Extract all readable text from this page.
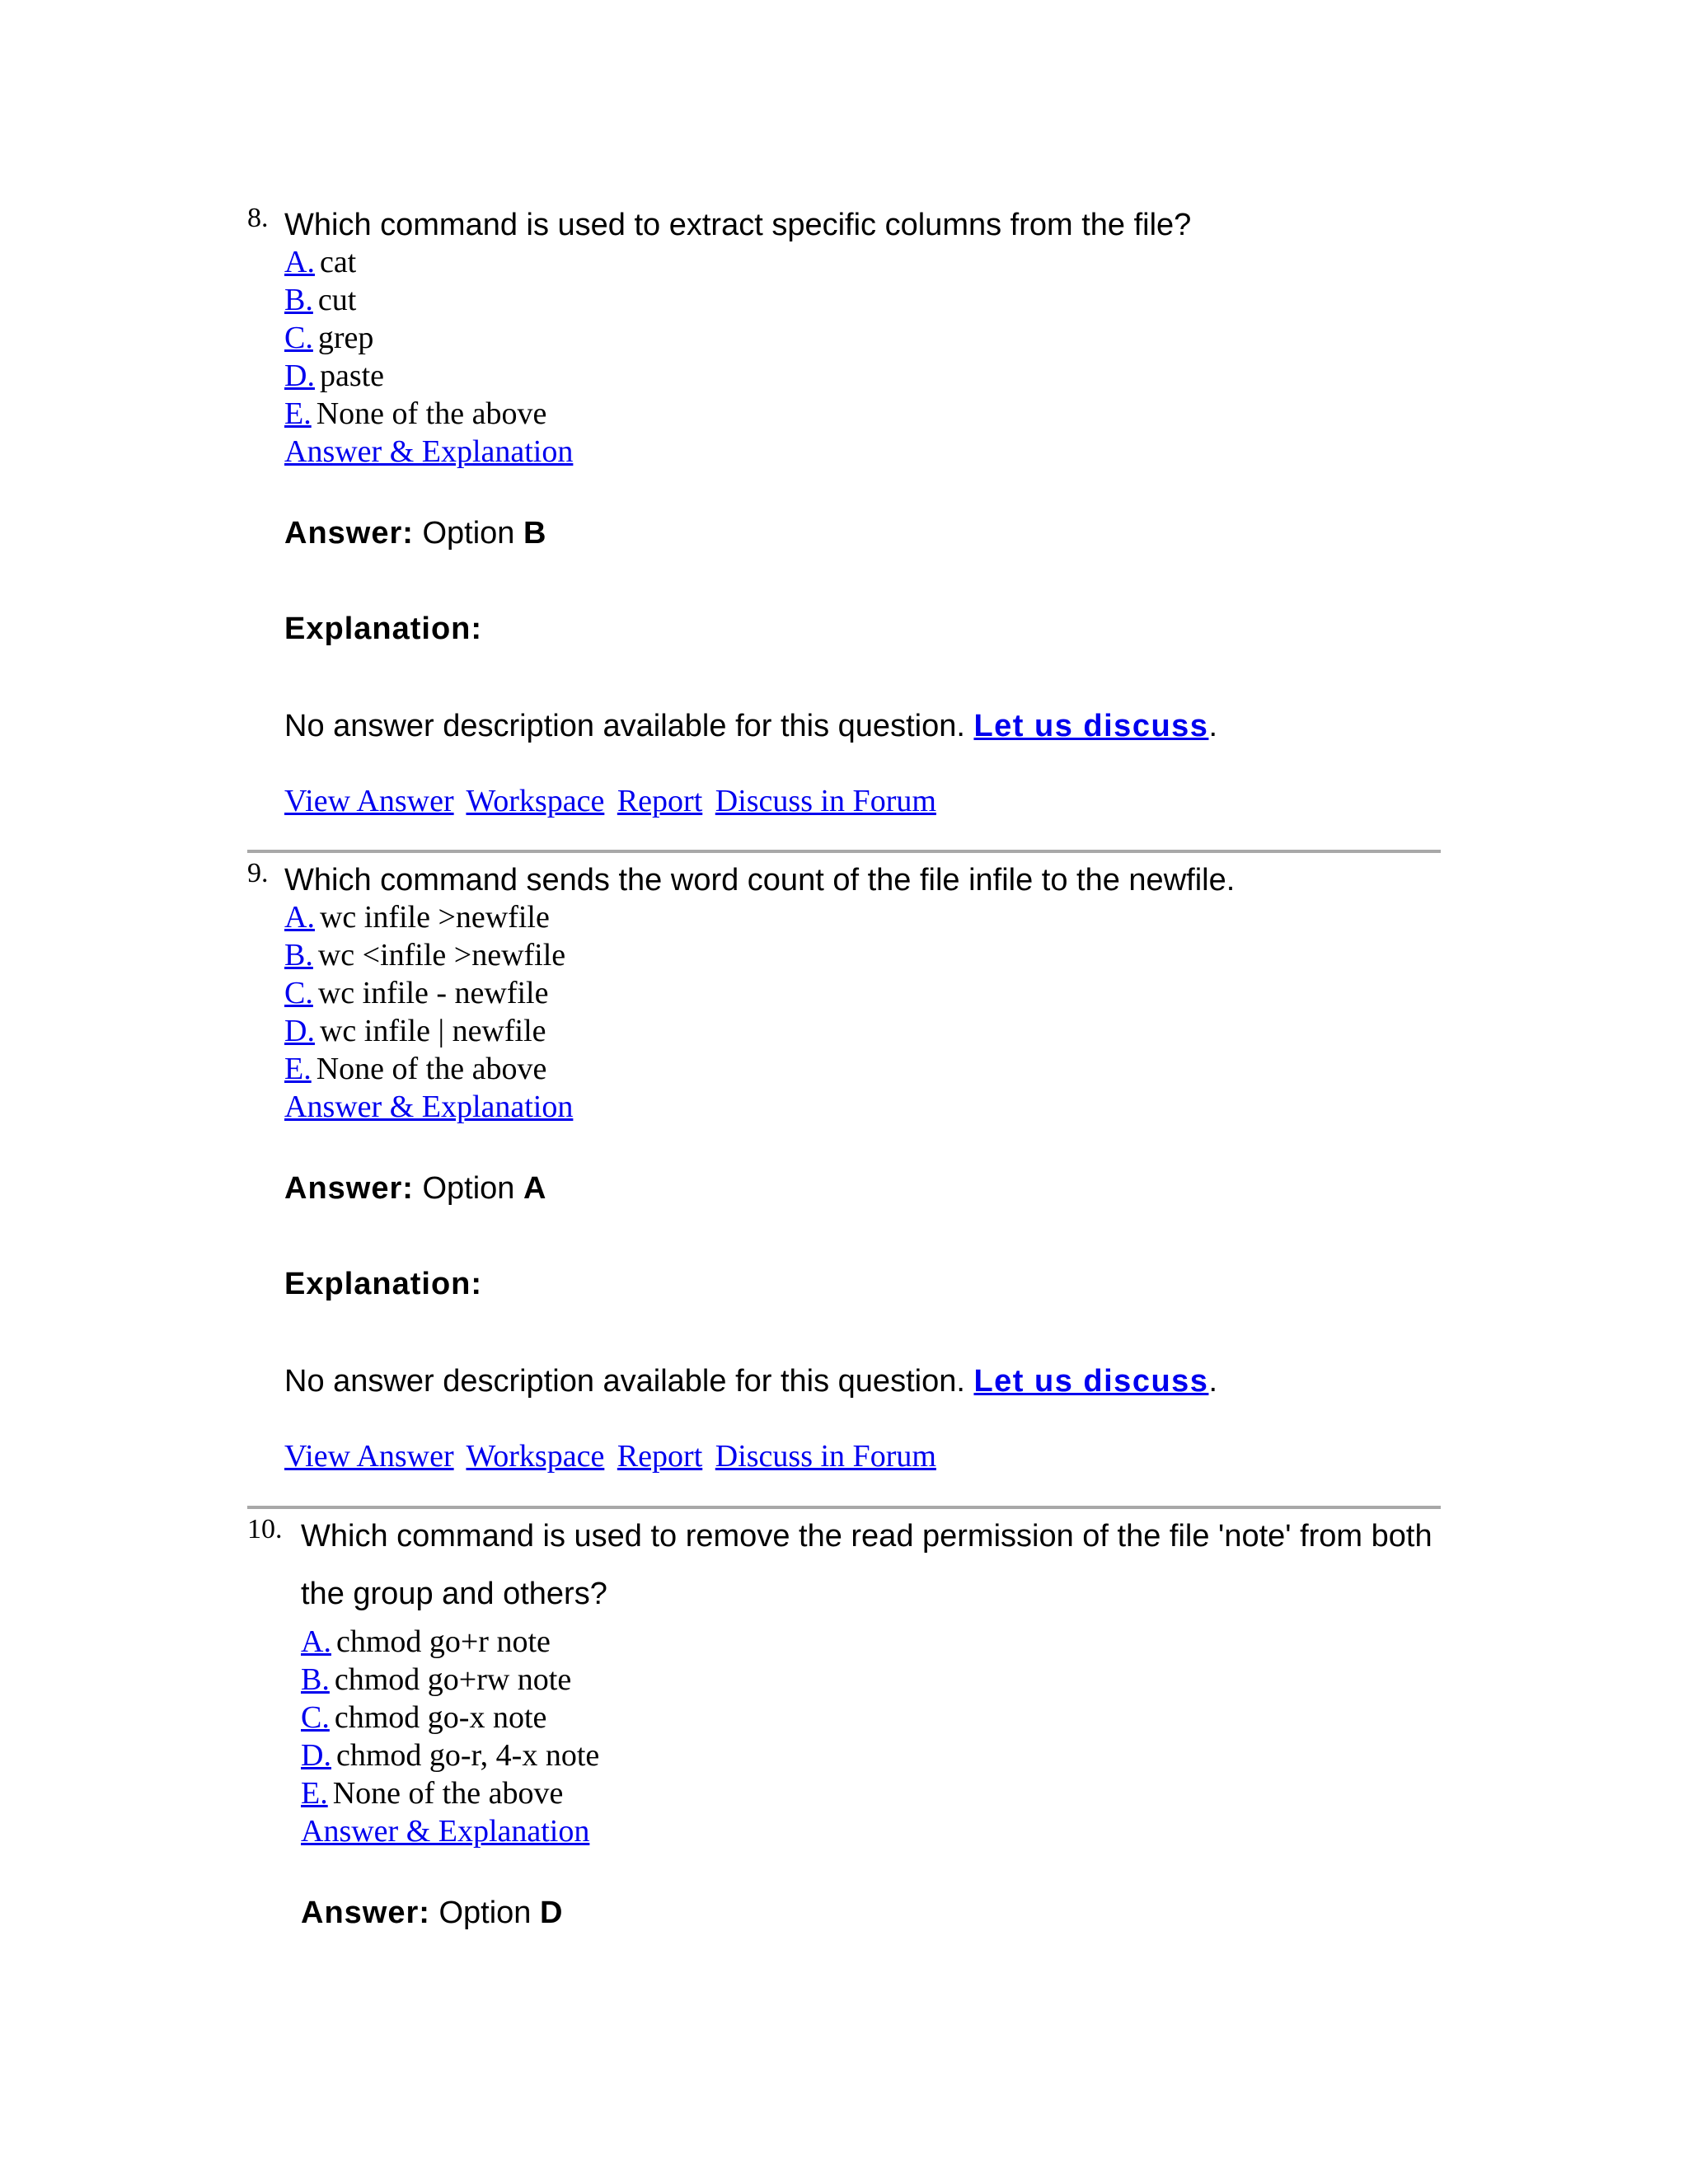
8. Which command is used to extract specific columns from the file?

A. cat
B. cut
C. grep
D. paste
E. None of the above
Answer & Explanation
Answer: Option B
Explanation:
No answer description available for this question. Let us discuss.
View Answer Workspace Report Discuss in Forum
9. Which command sends the word count of the file infile to the newfile.

A. wc infile >newfile
B. wc <infile >newfile
C. wc infile - newfile
D. wc infile | newfile
E. None of the above
Answer & Explanation
Answer: Option A
Explanation:
No answer description available for this question. Let us discuss.
View Answer Workspace Report Discuss in Forum
10. Which command is used to remove the read permission of the file 'note' from both the group and others?

A. chmod go+r note
B. chmod go+rw note
C. chmod go-x note
D. chmod go-r, 4-x note
E. None of the above
Answer & Explanation
Answer: Option D
